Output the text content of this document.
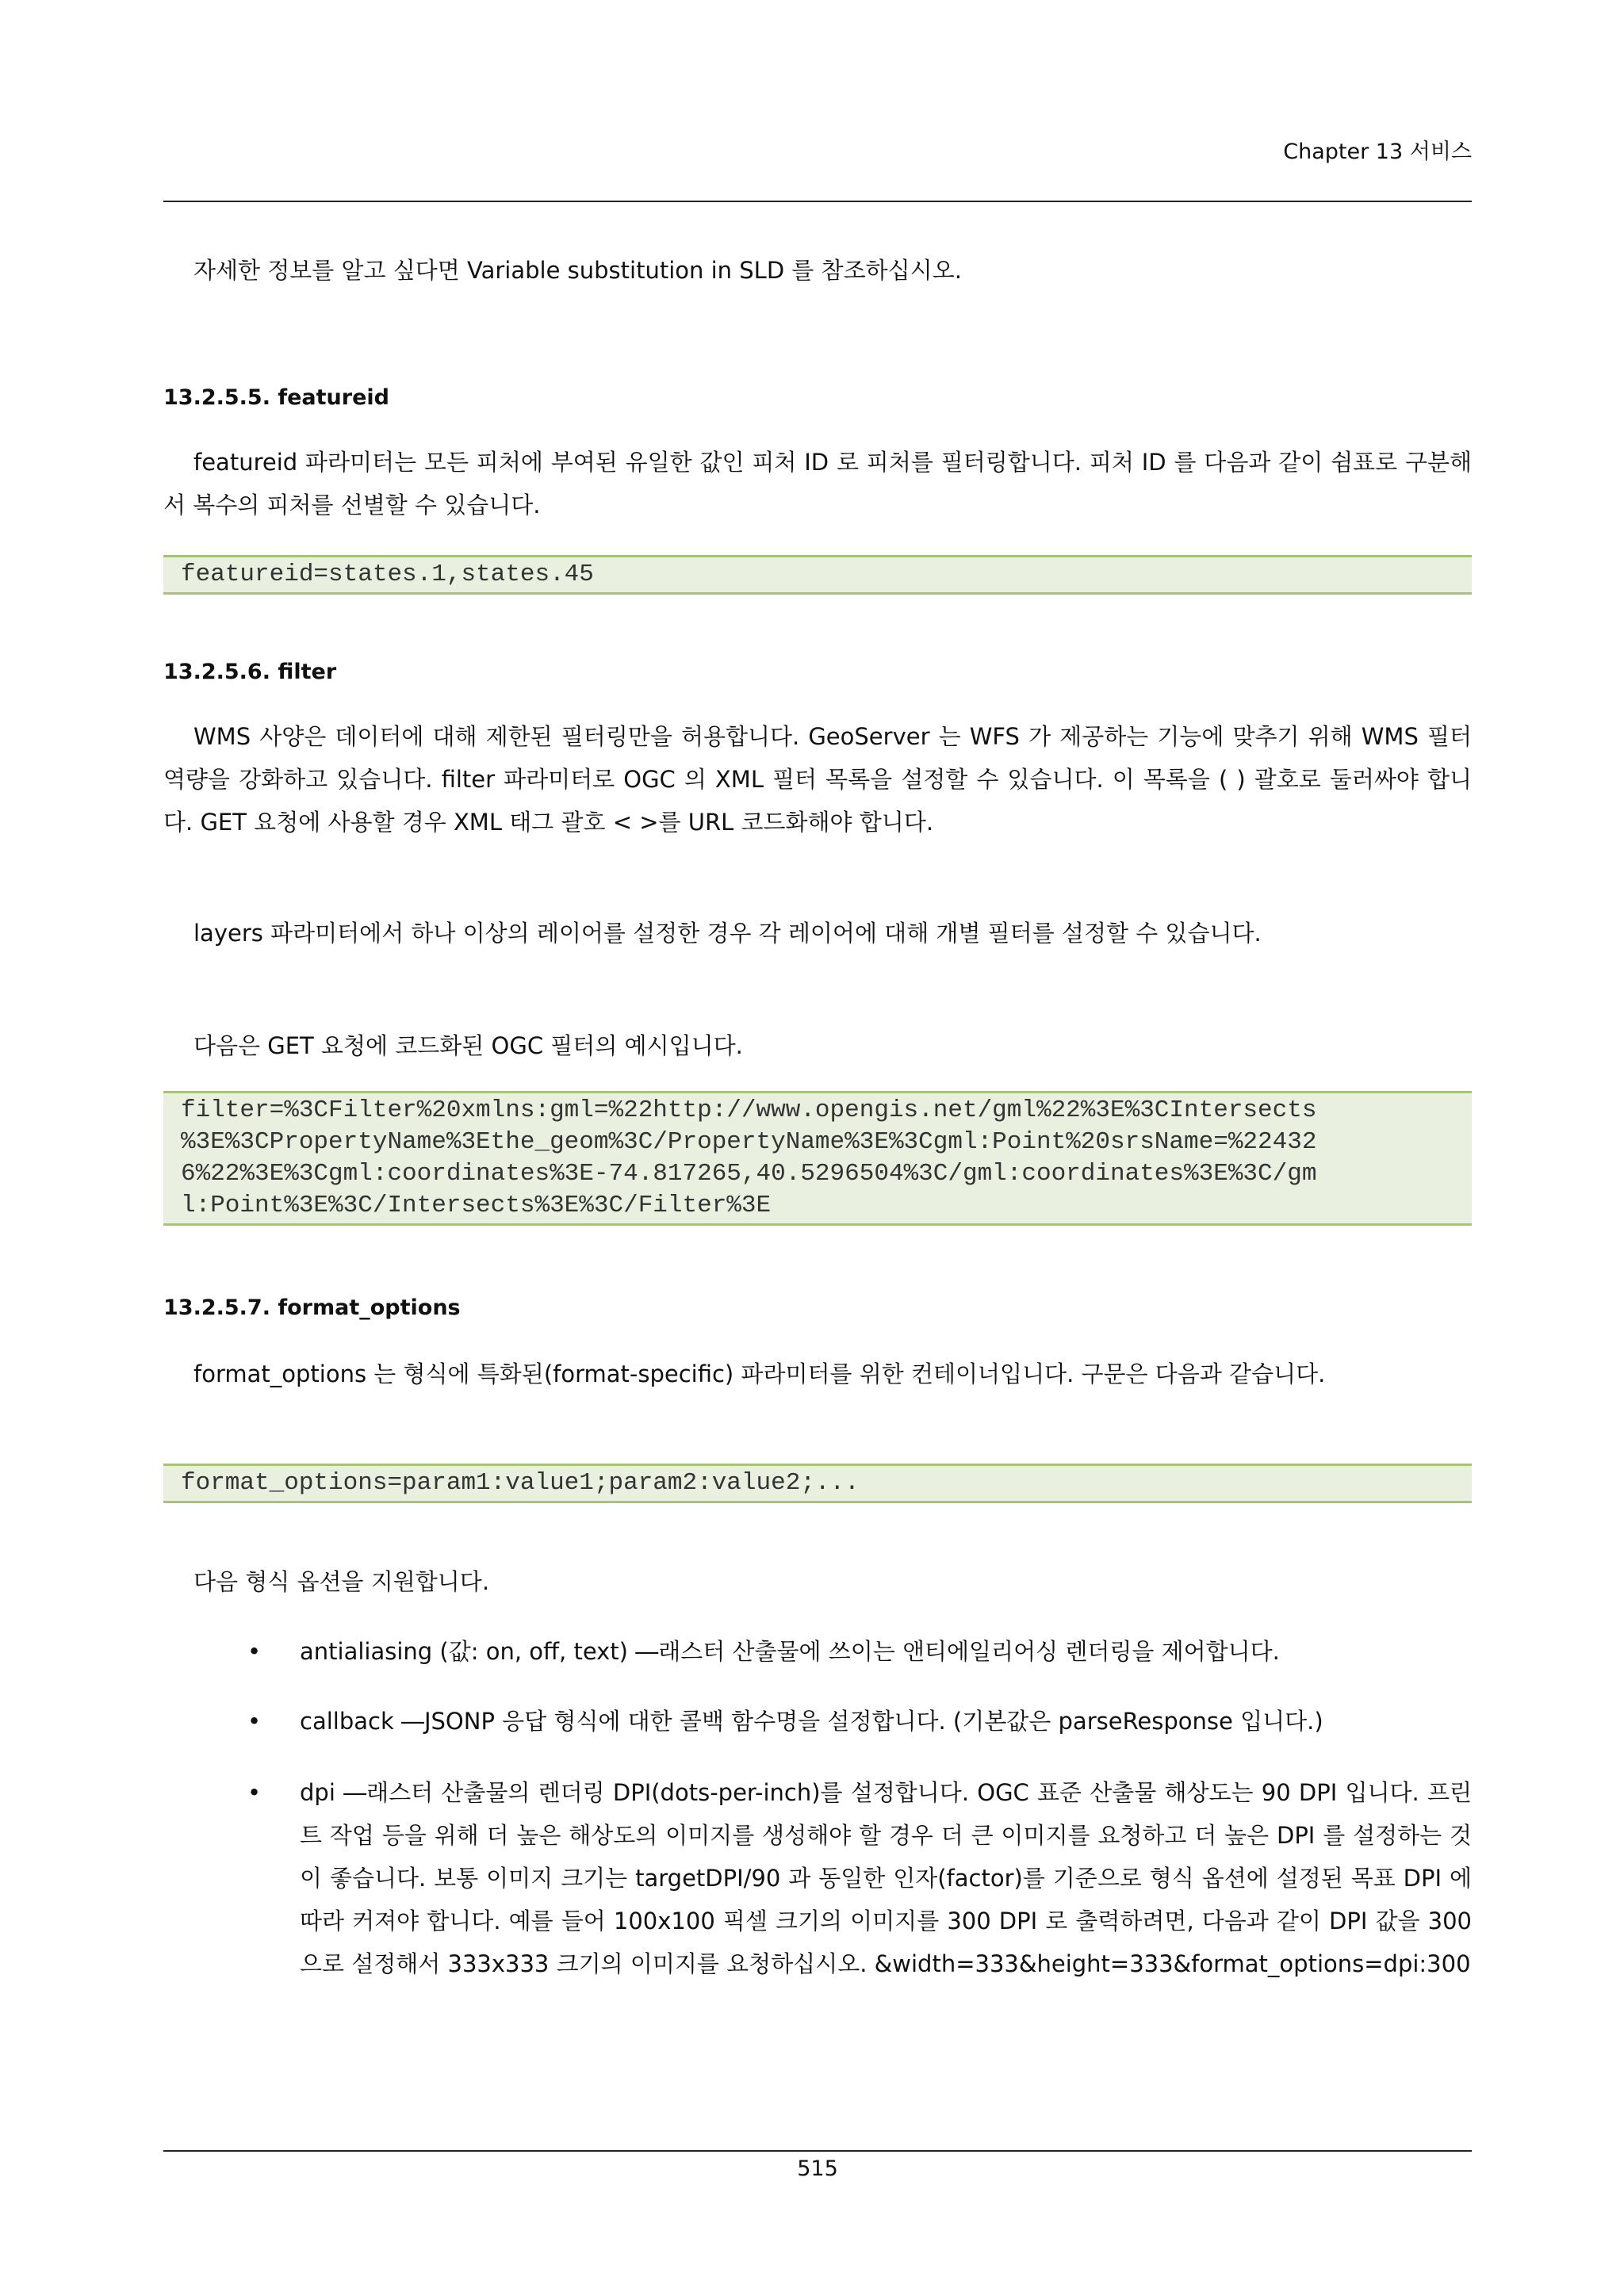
Chapter 13 서비스
자세한 정보를 알고 싶다면 Variable substitution in SLD 를 참조하십시오.
13.2.5.5. featureid
featureid 파라미터는 모든 피처에 부여된 유일한 값인 피처 ID 로 피처를 필터링합니다. 피처 ID 를 다음과 같이 쉼표로 구분해서 복수의 피처를 선별할 수 있습니다.
featureid=states.1,states.45
13.2.5.6. filter
WMS 사양은 데이터에 대해 제한된 필터링만을 허용합니다. GeoServer 는 WFS 가 제공하는 기능에 맞추기 위해 WMS 필터 역량을 강화하고 있습니다. filter 파라미터로 OGC 의 XML 필터 목록을 설정할 수 있습니다. 이 목록을 ( ) 괄호로 둘러싸야 합니다. GET 요청에 사용할 경우 XML 태그 괄호 < >를 URL 코드화해야 합니다.
layers 파라미터에서 하나 이상의 레이어를 설정한 경우 각 레이어에 대해 개별 필터를 설정할 수 있습니다.
다음은 GET 요청에 코드화된 OGC 필터의 예시입니다.
filter=%3CFilter%20xmlns:gml=%22http://www.opengis.net/gml%22%3E%3CIntersects
%3E%3CPropertyName%3Ethe_geom%3C/PropertyName%3E%3Cgml:Point%20srsName=%22432
6%22%3E%3Cgml:coordinates%3E-74.817265,40.5296504%3C/gml:coordinates%3E%3C/gm
l:Point%3E%3C/Intersects%3E%3C/Filter%3E
13.2.5.7. format_options
format_options 는 형식에 특화된(format-specific) 파라미터를 위한 컨테이너입니다. 구문은 다음과 같습니다.
format_options=param1:value1;param2:value2;...
다음 형식 옵션을 지원합니다.
• antialiasing (값: on, off, text) ―래스터 산출물에 쓰이는 앤티에일리어싱 렌더링을 제어합니다.
• callback ―JSONP 응답 형식에 대한 콜백 함수명을 설정합니다. (기본값은 parseResponse 입니다.)
• dpi ―래스터 산출물의 렌더링 DPI(dots-per-inch)를 설정합니다. OGC 표준 산출물 해상도는 90 DPI 입니다. 프린트 작업 등을 위해 더 높은 해상도의 이미지를 생성해야 할 경우 더 큰 이미지를 요청하고 더 높은 DPI 를 설정하는 것이 좋습니다. 보통 이미지 크기는 targetDPI/90 과 동일한 인자(factor)를 기준으로 형식 옵션에 설정된 목표 DPI 에 따라 커져야 합니다. 예를 들어 100x100 픽셀 크기의 이미지를 300 DPI 로 출력하려면, 다음과 같이 DPI 값을 300 으로 설정해서 333x333 크기의 이미지를 요청하십시오. &width=333&height=333&format_options=dpi:300
515
